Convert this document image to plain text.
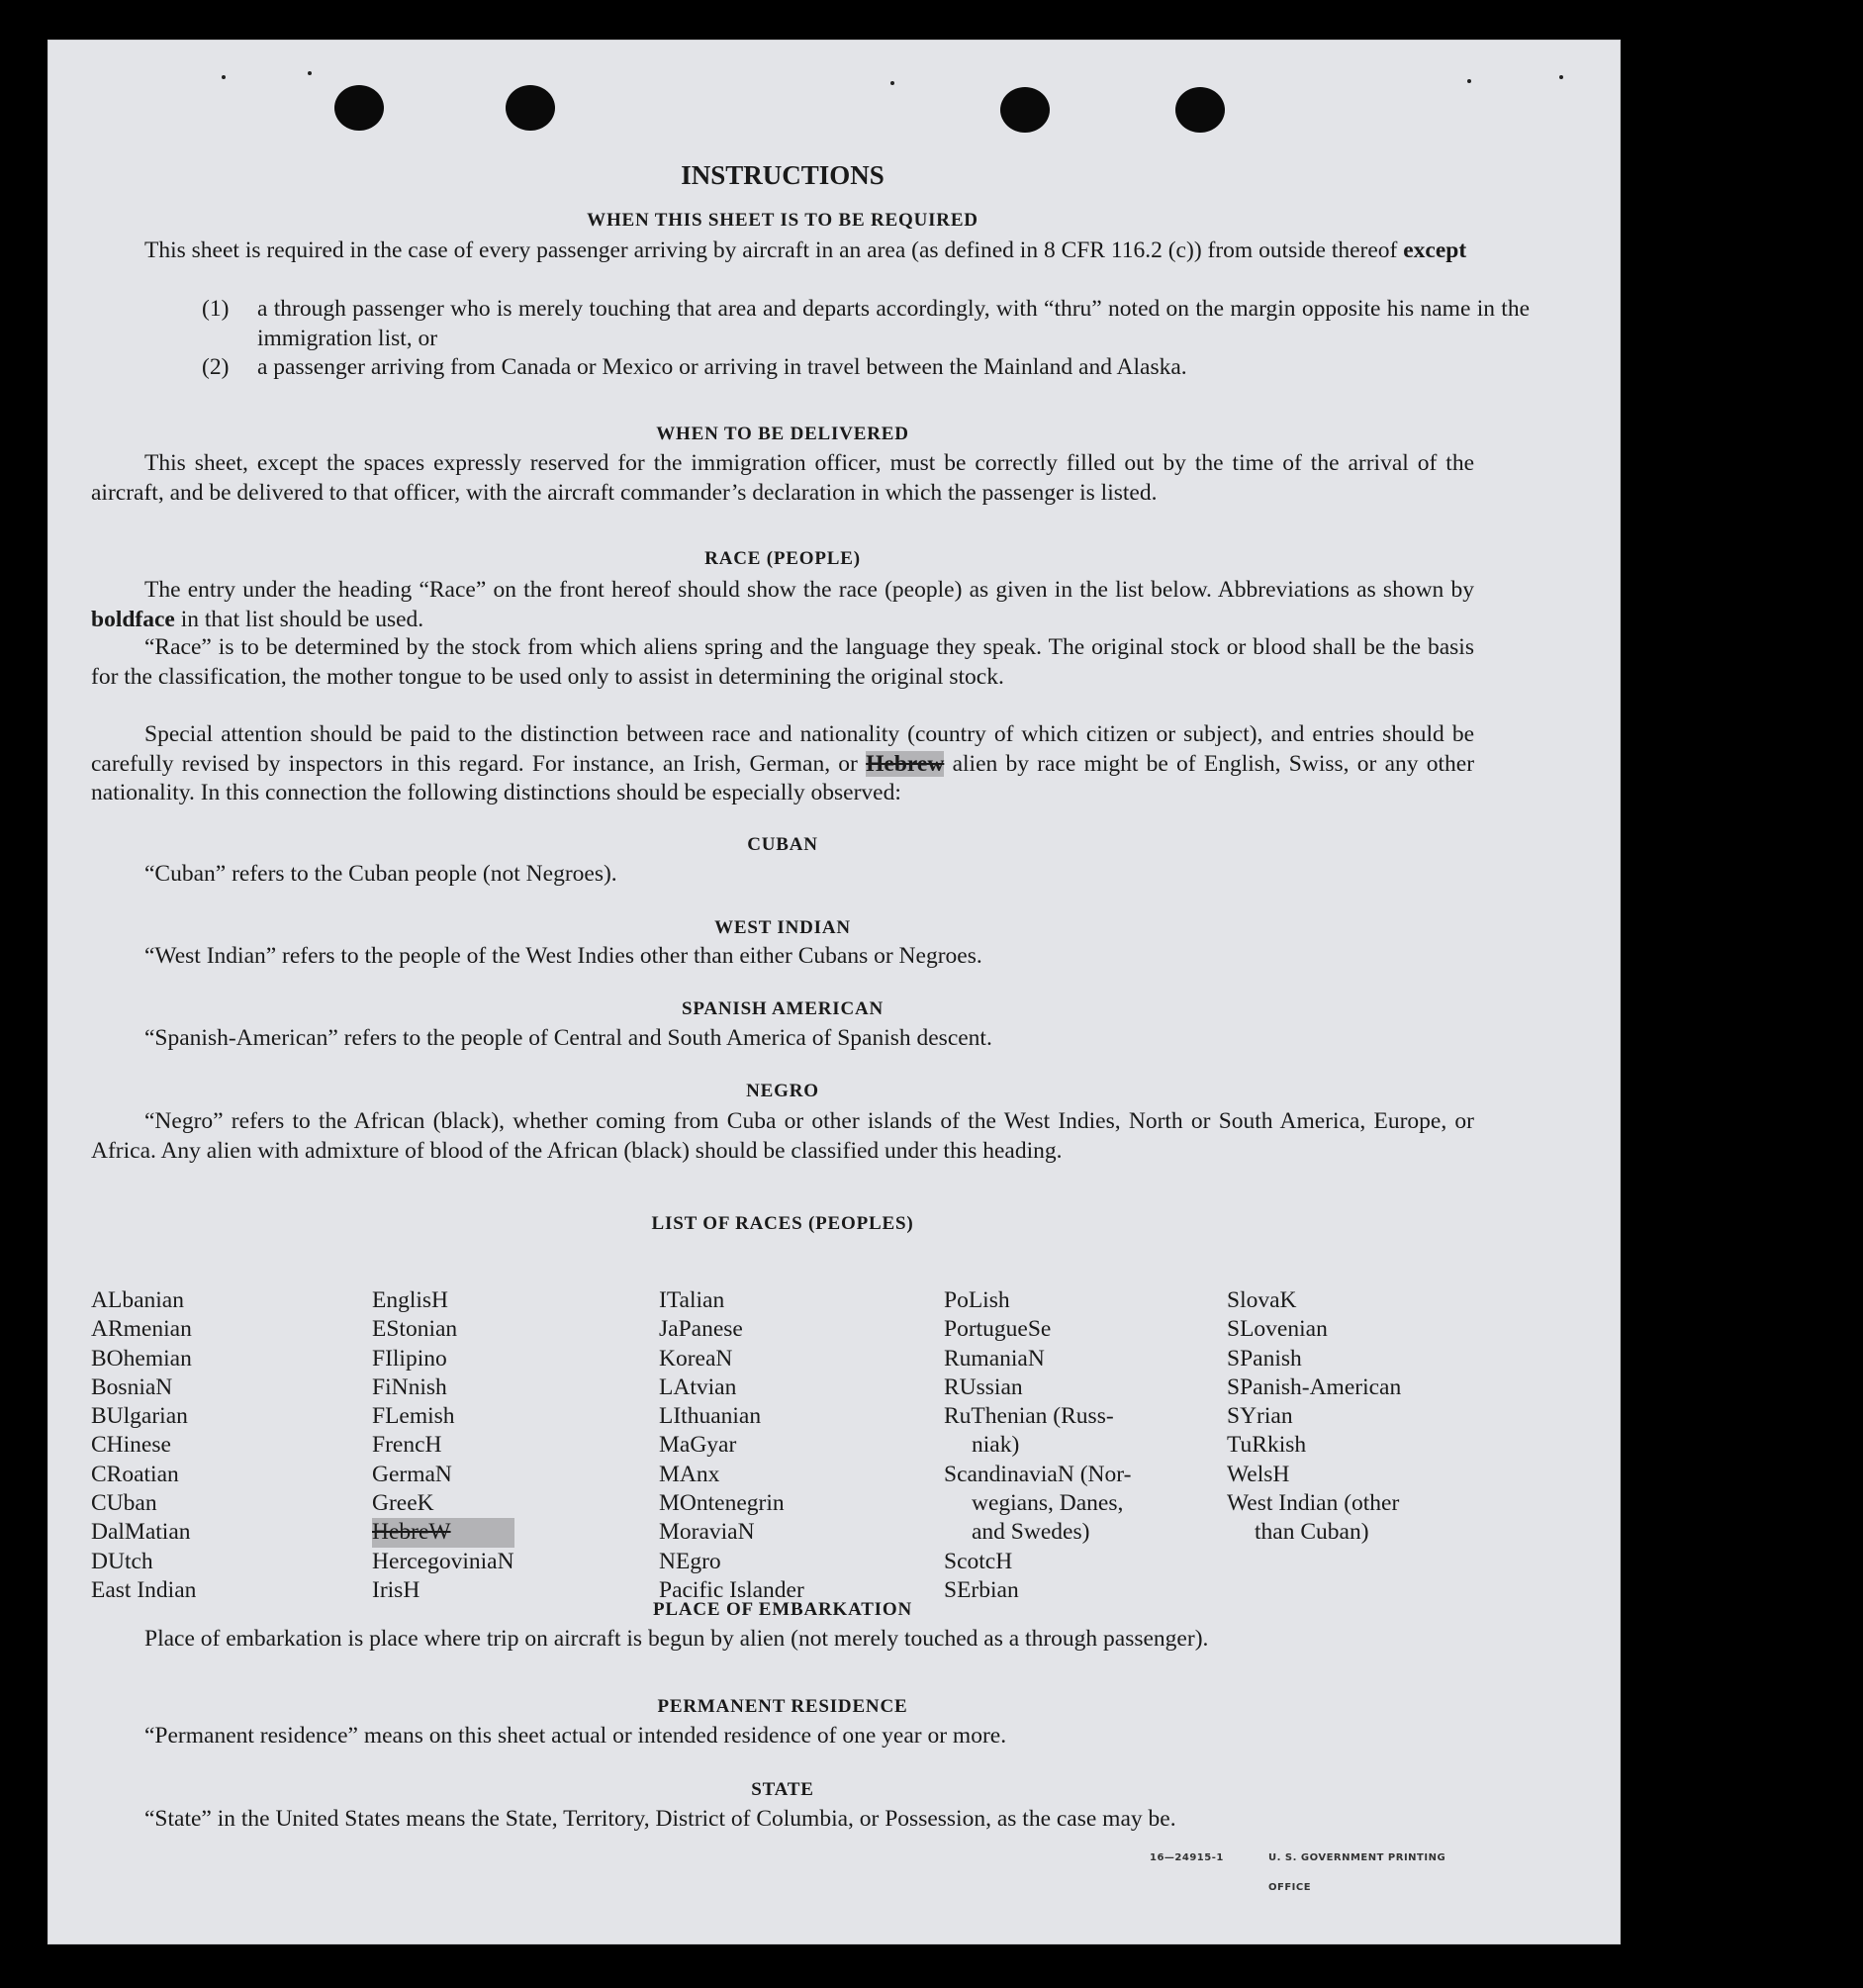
INSTRUCTIONS
WHEN THIS SHEET IS TO BE REQUIRED
This sheet is required in the case of every passenger arriving by aircraft in an area (as defined in 8 CFR 116.2 (c)) from outside thereof except
(1) a through passenger who is merely touching that area and departs accordingly, with “thru” noted on the margin opposite his name in the immigration list, or
(2) a passenger arriving from Canada or Mexico or arriving in travel between the Mainland and Alaska.
WHEN TO BE DELIVERED
This sheet, except the spaces expressly reserved for the immigration officer, must be correctly filled out by the time of the arrival of the aircraft, and be delivered to that officer, with the aircraft commander’s declaration in which the passenger is listed.
RACE (PEOPLE)
The entry under the heading “Race” on the front hereof should show the race (people) as given in the list below. Abbreviations as shown by boldface in that list should be used.
“Race” is to be determined by the stock from which aliens spring and the language they speak. The original stock or blood shall be the basis for the classification, the mother tongue to be used only to assist in determining the original stock.
Special attention should be paid to the distinction between race and nationality (country of which citizen or subject), and entries should be carefully revised by inspectors in this regard. For instance, an Irish, German, or Hebrew alien by race might be of English, Swiss, or any other nationality. In this connection the following distinctions should be especially observed:
CUBAN
“Cuban” refers to the Cuban people (not Negroes).
WEST INDIAN
“West Indian” refers to the people of the West Indies other than either Cubans or Negroes.
SPANISH AMERICAN
“Spanish-American” refers to the people of Central and South America of Spanish descent.
NEGRO
“Negro” refers to the African (black), whether coming from Cuba or other islands of the West Indies, North or South America, Europe, or Africa. Any alien with admixture of blood of the African (black) should be classified under this heading.
LIST OF RACES (PEOPLES)
ALbanian
ARmenian
BOhemian
BosniaN
BUlgarian
CHinese
CRoatian
CUban
DalMatian
DUtch
East Indian
EnglisH
EStonian
FIlipino
FiNnish
FLemish
FrencH
GermaN
GreeK
HebreW
HercegoviniaN
IrisH
ITalian
JaPanese
KoreaN
LAtvian
LIthuanian
MaGyar
MAnx
MOntenegrin
MoraviaN
NEgro
Pacific Islander
PoLish
PortugueSe
RumaniaN
RUssian
RuThenian (Russ-
niak)
ScandinaviaN (Nor-
wegians, Danes,
and Swedes)
ScotcH
SErbian
SlovaK
SLovenian
SPanish
SPanish-American
SYrian
TuRkish
WelsH
West Indian (other
than Cuban)
PLACE OF EMBARKATION
Place of embarkation is place where trip on aircraft is begun by alien (not merely touched as a through passenger).
PERMANENT RESIDENCE
“Permanent residence” means on this sheet actual or intended residence of one year or more.
STATE
“State” in the United States means the State, Territory, District of Columbia, or Possession, as the case may be.
16—24915-1	U. S. GOVERNMENT PRINTING OFFICE
